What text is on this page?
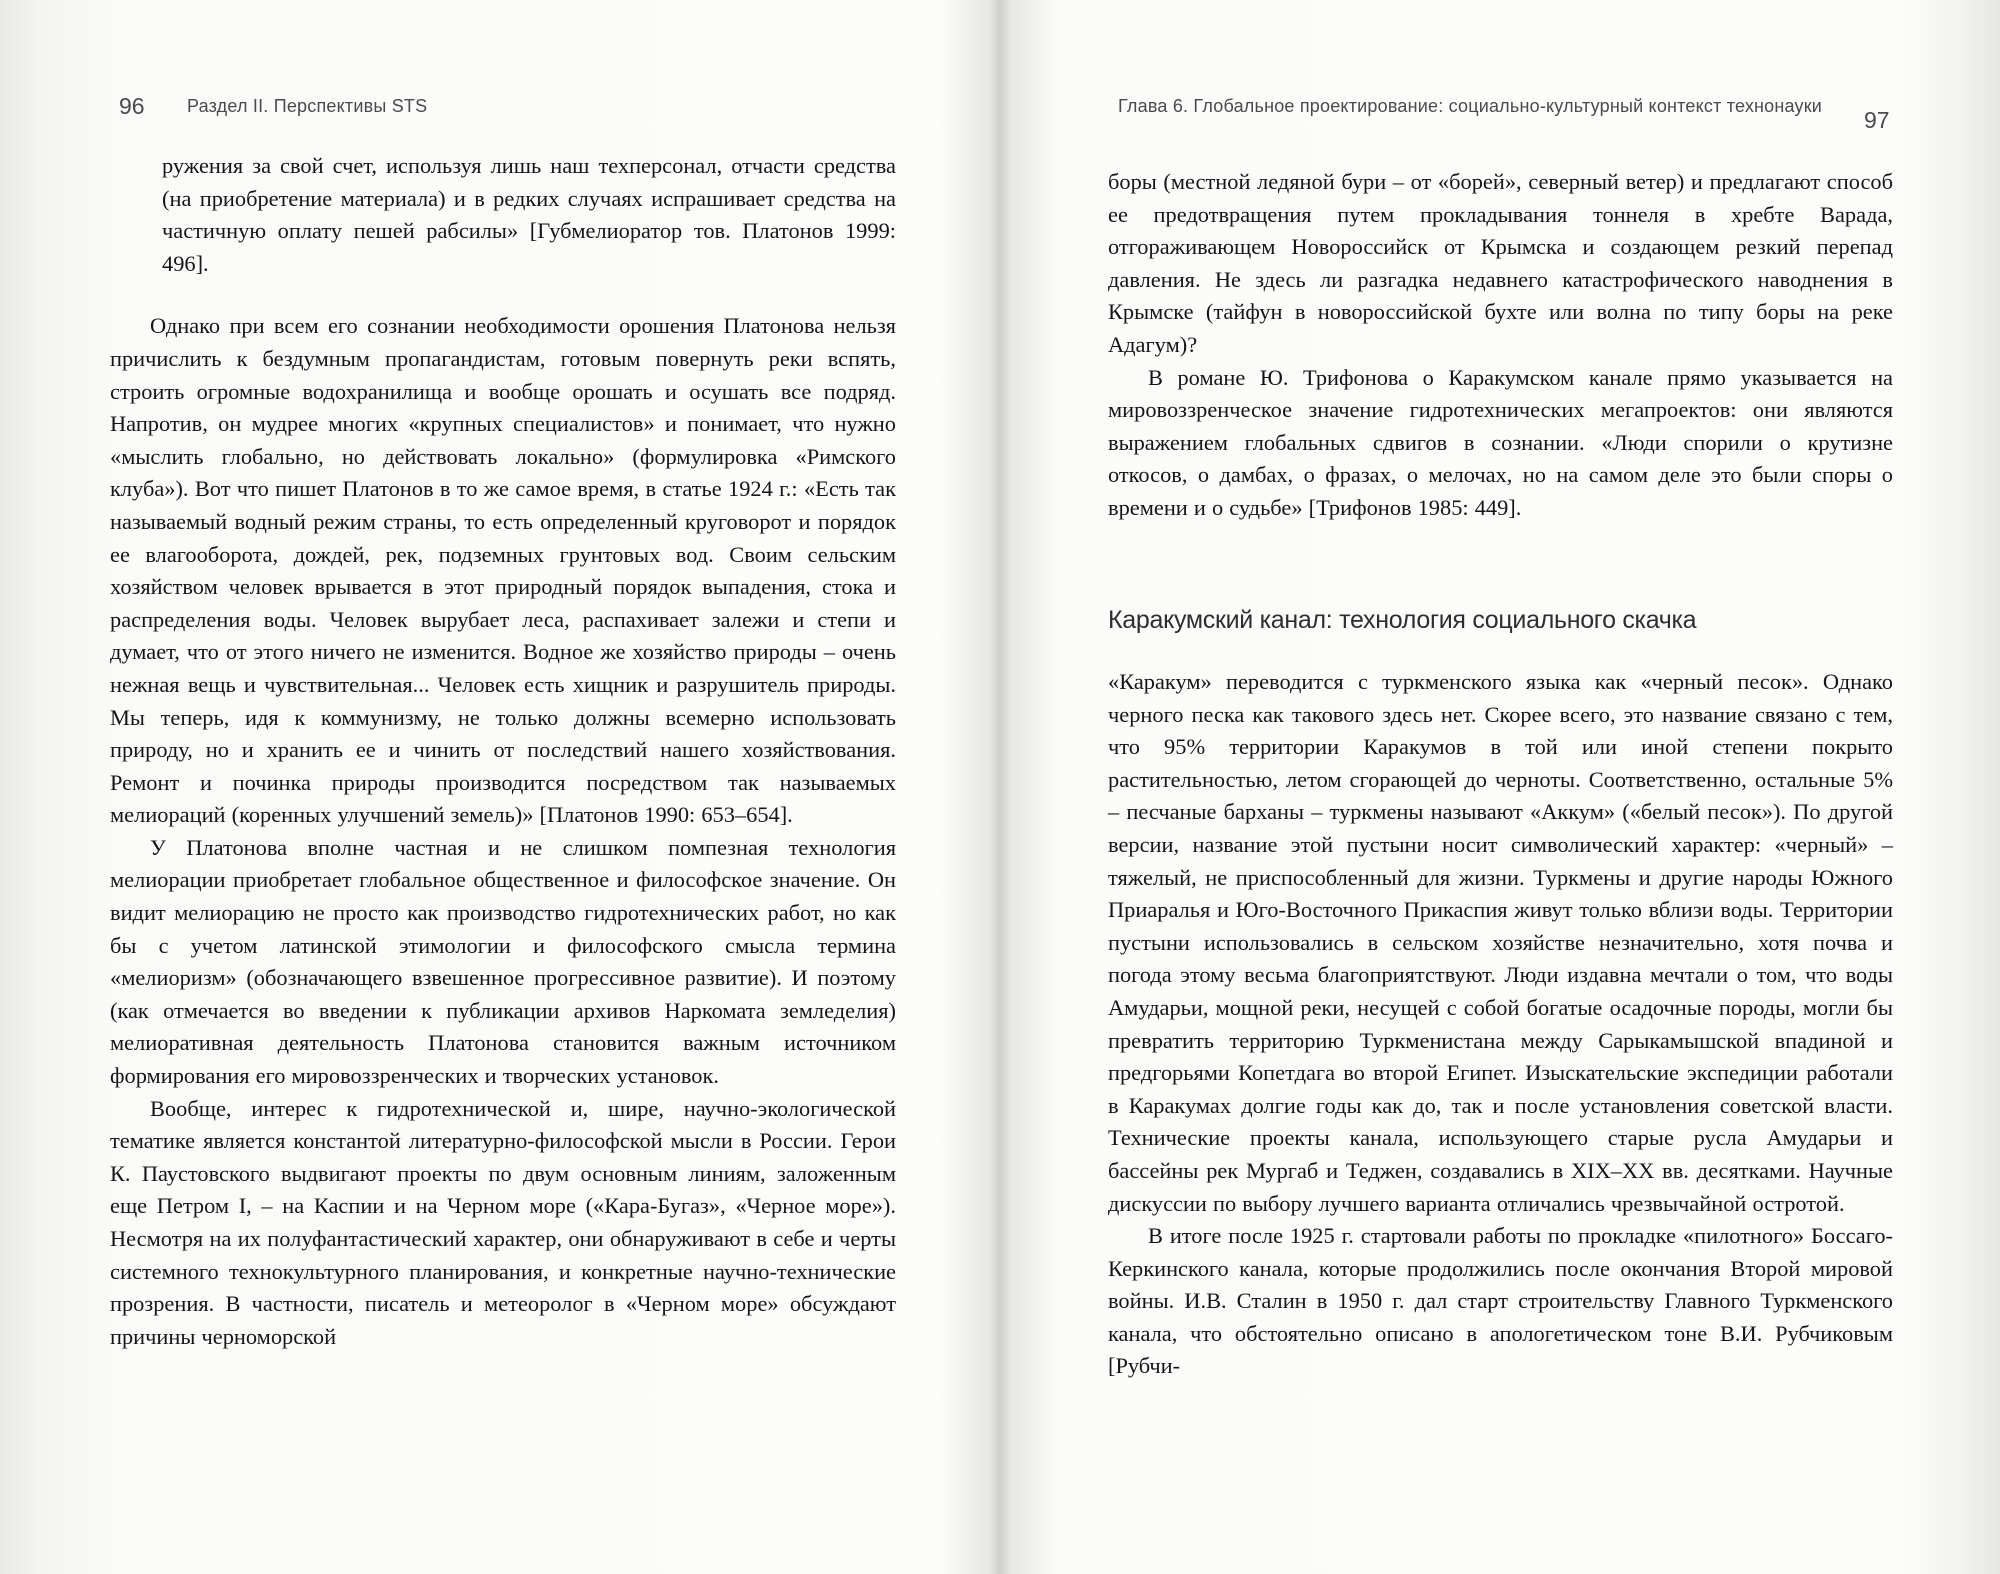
96 Раздел II. Перспективы STS

ружения за свой счет, используя лишь наш техперсонал, отчасти средства (на приобретение материала) и в редких случаях испрашивает средства на частичную оплату пешей рабсилы» [Губмелиоратор тов. Платонов 1999: 496].

Однако при всем его сознании необходимости орошения Платонова нельзя причислить к бездумным пропагандистам, готовым повернуть реки вспять, строить огромные водохранилища и вообще орошать и осушать все подряд. Напротив, он мудрее многих «крупных специалистов» и понимает, что нужно «мыслить глобально, но действовать локально» (формулировка «Римского клуба»). Вот что пишет Платонов в то же самое время, в статье 1924 г.: «Есть так называемый водный режим страны, то есть определенный круговорот и порядок ее влагооборота, дождей, рек, подземных грунтовых вод. Своим сельским хозяйством человек врывается в этот природный порядок выпадения, стока и распределения воды. Человек вырубает леса, распахивает залежи и степи и думает, что от этого ничего не изменится. Водное же хозяйство природы – очень нежная вещь и чувствительная... Человек есть хищник и разрушитель природы. Мы теперь, идя к коммунизму, не только должны всемерно использовать природу, но и хранить ее и чинить от последствий нашего хозяйствования. Ремонт и починка природы производится посредством так называемых мелиораций (коренных улучшений земель)» [Платонов 1990: 653–654].

У Платонова вполне частная и не слишком помпезная технология мелиорации приобретает глобальное общественное и философское значение. Он видит мелиорацию не просто как производство гидротехнических работ, но как бы с учетом латинской этимологии и философского смысла термина «мелиоризм» (обозначающего взвешенное прогрессивное развитие). И поэтому (как отмечается во введении к публикации архивов Наркомата земледелия) мелиоративная деятельность Платонова становится важным источником формирования его мировоззренческих и творческих установок.

Вообще, интерес к гидротехнической и, шире, научно-экологической тематике является константой литературно-философской мысли в России. Герои К. Паустовского выдвигают проекты по двум основным линиям, заложенным еще Петром I, – на Каспии и на Черном море («Кара-Бугаз», «Черное море»). Несмотря на их полуфантастический характер, они обнаруживают в себе и черты системного технокультурного планирования, и конкретные научно-технические прозрения. В частности, писатель и метеоролог в «Черном море» обсуждают причины черноморской

Глава 6. Глобальное проектирование: социально-культурный контекст технонауки
97

боры (местной ледяной бури – от «борей», северный ветер) и предлагают способ ее предотвращения путем прокладывания тоннеля в хребте Варада, отгораживающем Новороссийск от Крымска и создающем резкий перепад давления. Не здесь ли разгадка недавнего катастрофического наводнения в Крымске (тайфун в новороссийской бухте или волна по типу боры на реке Адагум)?

В романе Ю. Трифонова о Каракумском канале прямо указывается на мировоззренческое значение гидротехнических мегапроектов: они являются выражением глобальных сдвигов в сознании. «Люди спорили о крутизне откосов, о дамбах, о фразах, о мелочах, но на самом деле это были споры о времени и о судьбе» [Трифонов 1985: 449].

Каракумский канал: технология социального скачка

«Каракум» переводится с туркменского языка как «черный песок». Однако черного песка как такового здесь нет. Скорее всего, это название связано с тем, что 95% территории Каракумов в той или иной степени покрыто растительностью, летом сгорающей до черноты. Соответственно, остальные 5% – песчаные барханы – туркмены называют «Аккум» («белый песок»). По другой версии, название этой пустыни носит символический характер: «черный» – тяжелый, не приспособленный для жизни. Туркмены и другие народы Южного Приаралья и Юго-Восточного Прикаспия живут только вблизи воды. Территории пустыни использовались в сельском хозяйстве незначительно, хотя почва и погода этому весьма благоприятствуют. Люди издавна мечтали о том, что воды Амударьи, мощной реки, несущей с собой богатые осадочные породы, могли бы превратить территорию Туркменистана между Сарыкамышской впадиной и предгорьями Копетдага во второй Египет. Изыскательские экспедиции работали в Каракумах долгие годы как до, так и после установления советской власти. Технические проекты канала, использующего старые русла Амударьи и бассейны рек Мургаб и Теджен, создавались в XIX–XX вв. десятками. Научные дискуссии по выбору лучшего варианта отличались чрезвычайной остротой.

В итоге после 1925 г. стартовали работы по прокладке «пилотного» Боссаго-Керкинского канала, которые продолжились после окончания Второй мировой войны. И.В. Сталин в 1950 г. дал старт строительству Главного Туркменского канала, что обстоятельно описано в апологетическом тоне В.И. Рубчиковым [Рубчи-
